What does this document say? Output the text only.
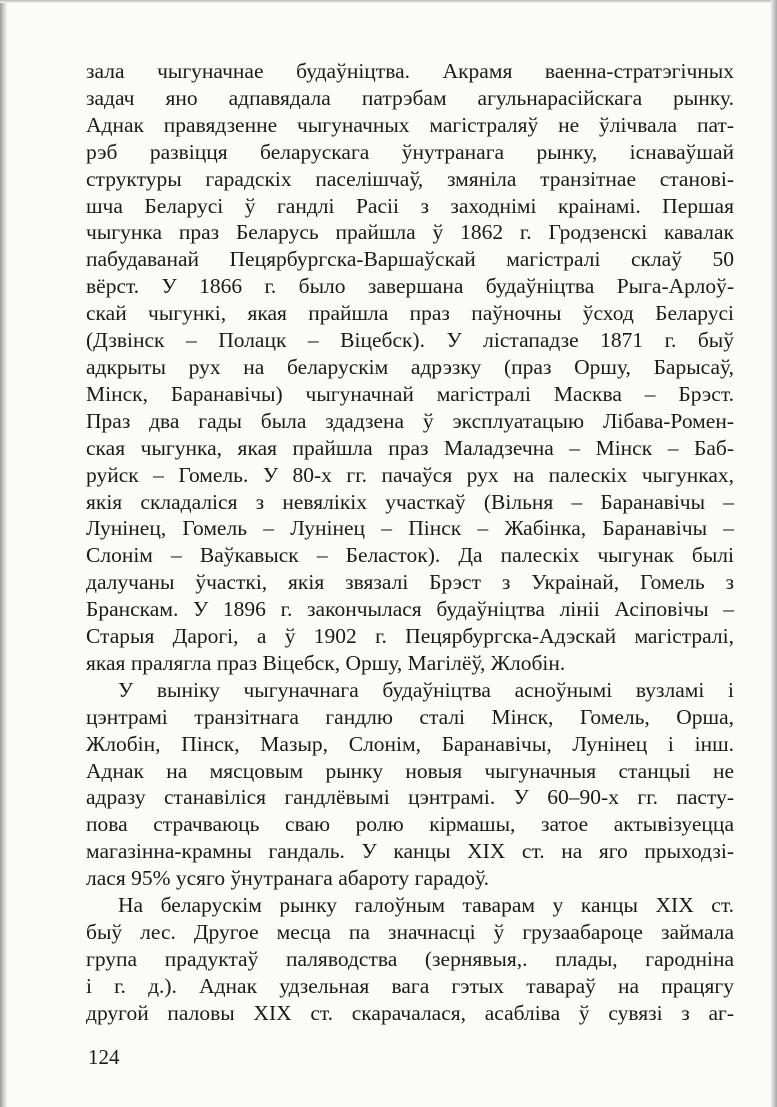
зала чыгуначнае будаўніцтва. Акрамя ваенна-стратэгічных
задач яно адпавядала патрэбам агульнарасійскага рынку.
Аднак правядзенне чыгуначных магістраляў не ўлічвала пат-
рэб развіцця беларускага ўнутранага рынку, існаваўшай
структуры гарадскіх паселішчаў, змяніла транзітнае станові-
шча Беларусі ў гандлі Расіі з заходнімі краінамі. Першая
чыгунка праз Беларусь прайшла ў 1862 г. Гродзенскі кавалак
пабудаванай Пецярбургска-Варшаўскай магістралі склаў 50
вёрст. У 1866 г. было завершана будаўніцтва Рыга-Арлоў-
скай чыгункі, якая прайшла праз паўночны ўсход Беларусі
(Дзвінск – Полацк – Віцебск). У лістападзе 1871 г. быў
адкрыты рух на беларускім адрэзку (праз Оршу, Барысаў,
Мінск, Баранавічы) чыгуначнай магістралі Масква – Брэст.
Праз два гады была здадзена ў эксплуатацыю Лібава-Ромен-
ская чыгунка, якая прайшла праз Маладзечна – Мінск – Баб-
руйск – Гомель. У 80-х гг. пачаўся рух на палескіх чыгунках,
якія складаліся з невялікіх участкаў (Вільня – Баранавічы –
Лунінец, Гомель – Лунінец – Пінск – Жабінка, Баранавічы –
Слонім – Ваўкавыск – Беласток). Да палескіх чыгунак былі
далучаны ўчасткі, якія звязалі Брэст з Украінай, Гомель з
Бранскам. У 1896 г. закончылася будаўніцтва лініі Асіповічы –
Старыя Дарогі, а ў 1902 г. Пецярбургска-Адэскай магістралі,
якая пралягла праз Віцебск, Оршу, Магілёў, Жлобін.

У выніку чыгуначнага будаўніцтва асноўнымі вузламі і
цэнтрамі транзітнага гандлю сталі Мінск, Гомель, Орша,
Жлобін, Пінск, Мазыр, Слонім, Баранавічы, Лунінец і інш.
Аднак на мясцовым рынку новыя чыгуначныя станцыі не
адразу станавіліся гандлёвымі цэнтрамі. У 60–90-х гг. пасту-
пова страчваюць сваю ролю кірмашы, затое актывізуецца
магазінна-крамны гандаль. У канцы XIX ст. на яго прыходзі-
лася 95% усяго ўнутранага абароту гарадоў.

На беларускім рынку галоўным таварам у канцы XIX ст.
быў лес. Другое месца па значнасці ў грузаабароце займала
група прадуктаў паляводства (зернявыя,. плады, гародніна
і г. д.). Аднак удзельная вага гэтых тавараў на працягу
другой паловы XIX ст. скарачалася, асабліва ў сувязі з аг-

124
